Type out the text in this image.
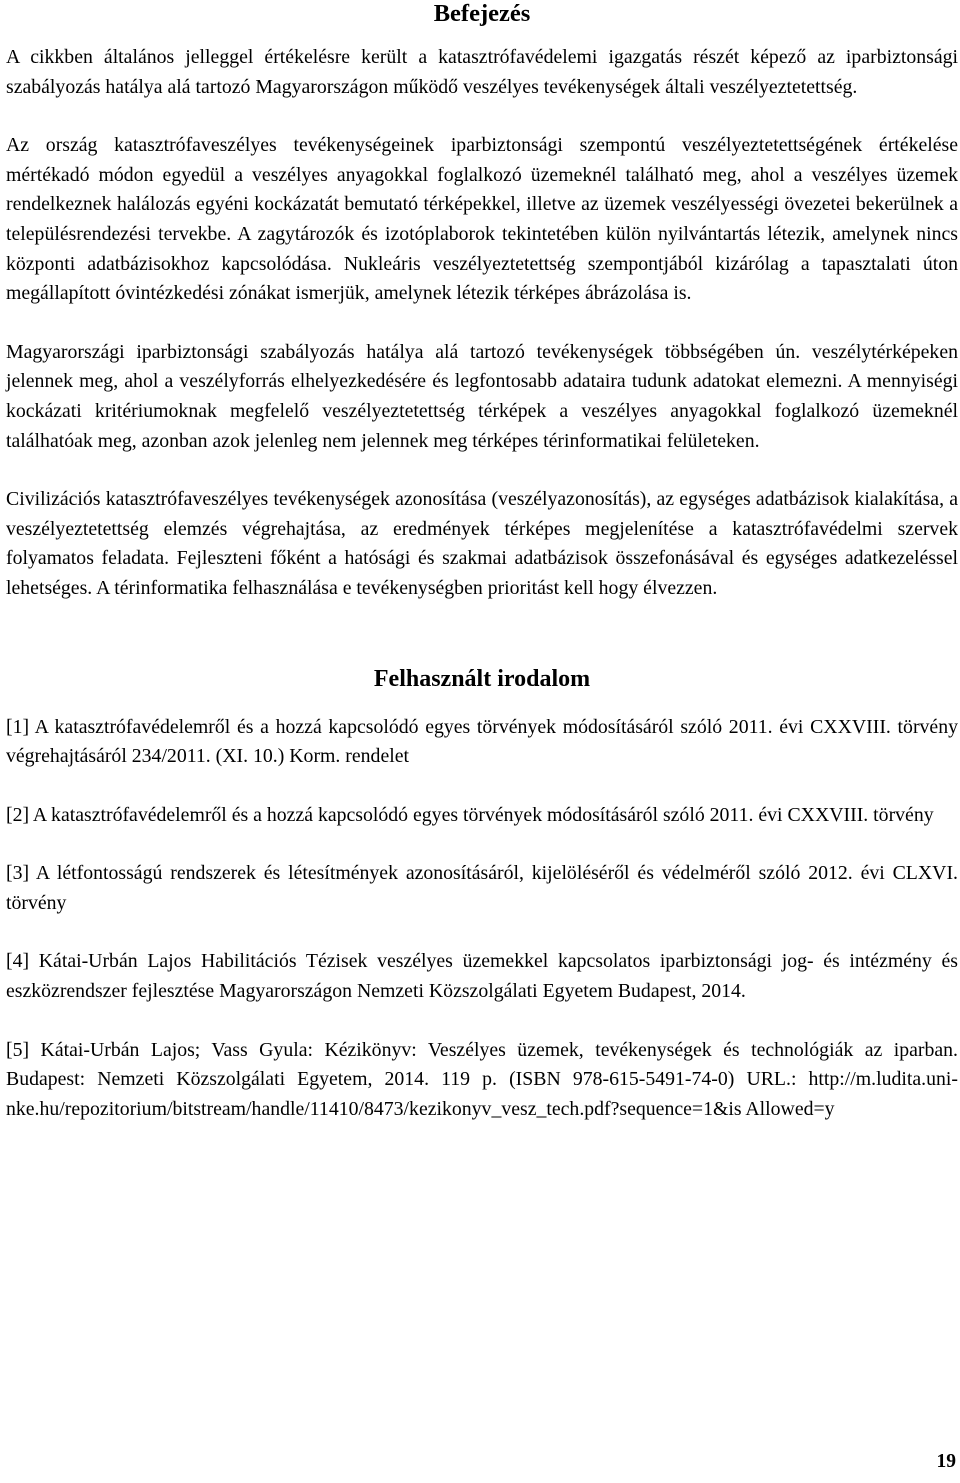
Befejezés

A cikkben általános jelleggel értékelésre került a katasztrófavédelemi igazgatás részét képező az iparbiztonsági szabályozás hatálya alá tartozó Magyarországon működő veszélyes tevékenységek általi veszélyeztetettség.

Az ország katasztrófaveszélyes tevékenységeinek iparbiztonsági szempontú veszélyeztetettségének értékelése mértékadó módon egyedül a veszélyes anyagokkal foglalkozó üzemeknél található meg, ahol a veszélyes üzemek rendelkeznek halálozás egyéni kockázatát bemutató térképekkel, illetve az üzemek veszélyességi övezetei bekerülnek a településrendezési tervekbe. A zagytározók és izotóplaborok tekintetében külön nyilvántartás létezik, amelynek nincs központi adatbázisokhoz kapcsolódása. Nukleáris veszélyeztetettség szempontjából kizárólag a tapasztalati úton megállapított óvintézkedési zónákat ismerjük, amelynek létezik térképes ábrázolása is.

Magyarországi iparbiztonsági szabályozás hatálya alá tartozó tevékenységek többségében ún. veszélytérképeken jelennek meg, ahol a veszélyforrás elhelyezkedésére és legfontosabb adataira tudunk adatokat elemezni. A mennyiségi kockázati kritériumoknak megfelelő veszélyeztetettség térképek a veszélyes anyagokkal foglalkozó üzemeknél találhatóak meg, azonban azok jelenleg nem jelennek meg térképes térinformatikai felületeken.

Civilizációs katasztrófaveszélyes tevékenységek azonosítása (veszélyazonosítás), az egységes adatbázisok kialakítása, a veszélyeztetettség elemzés végrehajtása, az eredmények térképes megjelenítése a katasztrófavédelmi szervek folyamatos feladata. Fejleszteni főként a hatósági és szakmai adatbázisok összefonásával és egységes adatkezeléssel lehetséges. A térinformatika felhasználása e tevékenységben prioritást kell hogy élvezzen.

Felhasznált irodalom

[1] A katasztrófavédelemről és a hozzá kapcsolódó egyes törvények módosításáról szóló 2011. évi CXXVIII. törvény végrehajtásáról 234/2011. (XI. 10.) Korm. rendelet

[2] A katasztrófavédelemről és a hozzá kapcsolódó egyes törvények módosításáról szóló 2011. évi CXXVIII. törvény

[3] A létfontosságú rendszerek és létesítmények azonosításáról, kijelöléséről és védelméről szóló 2012. évi CLXVI. törvény

[4] Kátai-Urbán Lajos Habilitációs Tézisek veszélyes üzemekkel kapcsolatos iparbiztonsági jog- és intézmény és eszközrendszer fejlesztése Magyarországon Nemzeti Közszolgálati Egyetem Budapest, 2014.

[5] Kátai-Urbán Lajos; Vass Gyula: Kézikönyv: Veszélyes üzemek, tevékenységek és technológiák az iparban. Budapest: Nemzeti Közszolgálati Egyetem, 2014. 119 p. (ISBN 978-615-5491-74-0) URL.: http://m.ludita.uni-nke.hu/repozitorium/bitstream/handle/11410/8473/kezikonyv_vesz_tech.pdf?sequence=1&is Allowed=y

19
